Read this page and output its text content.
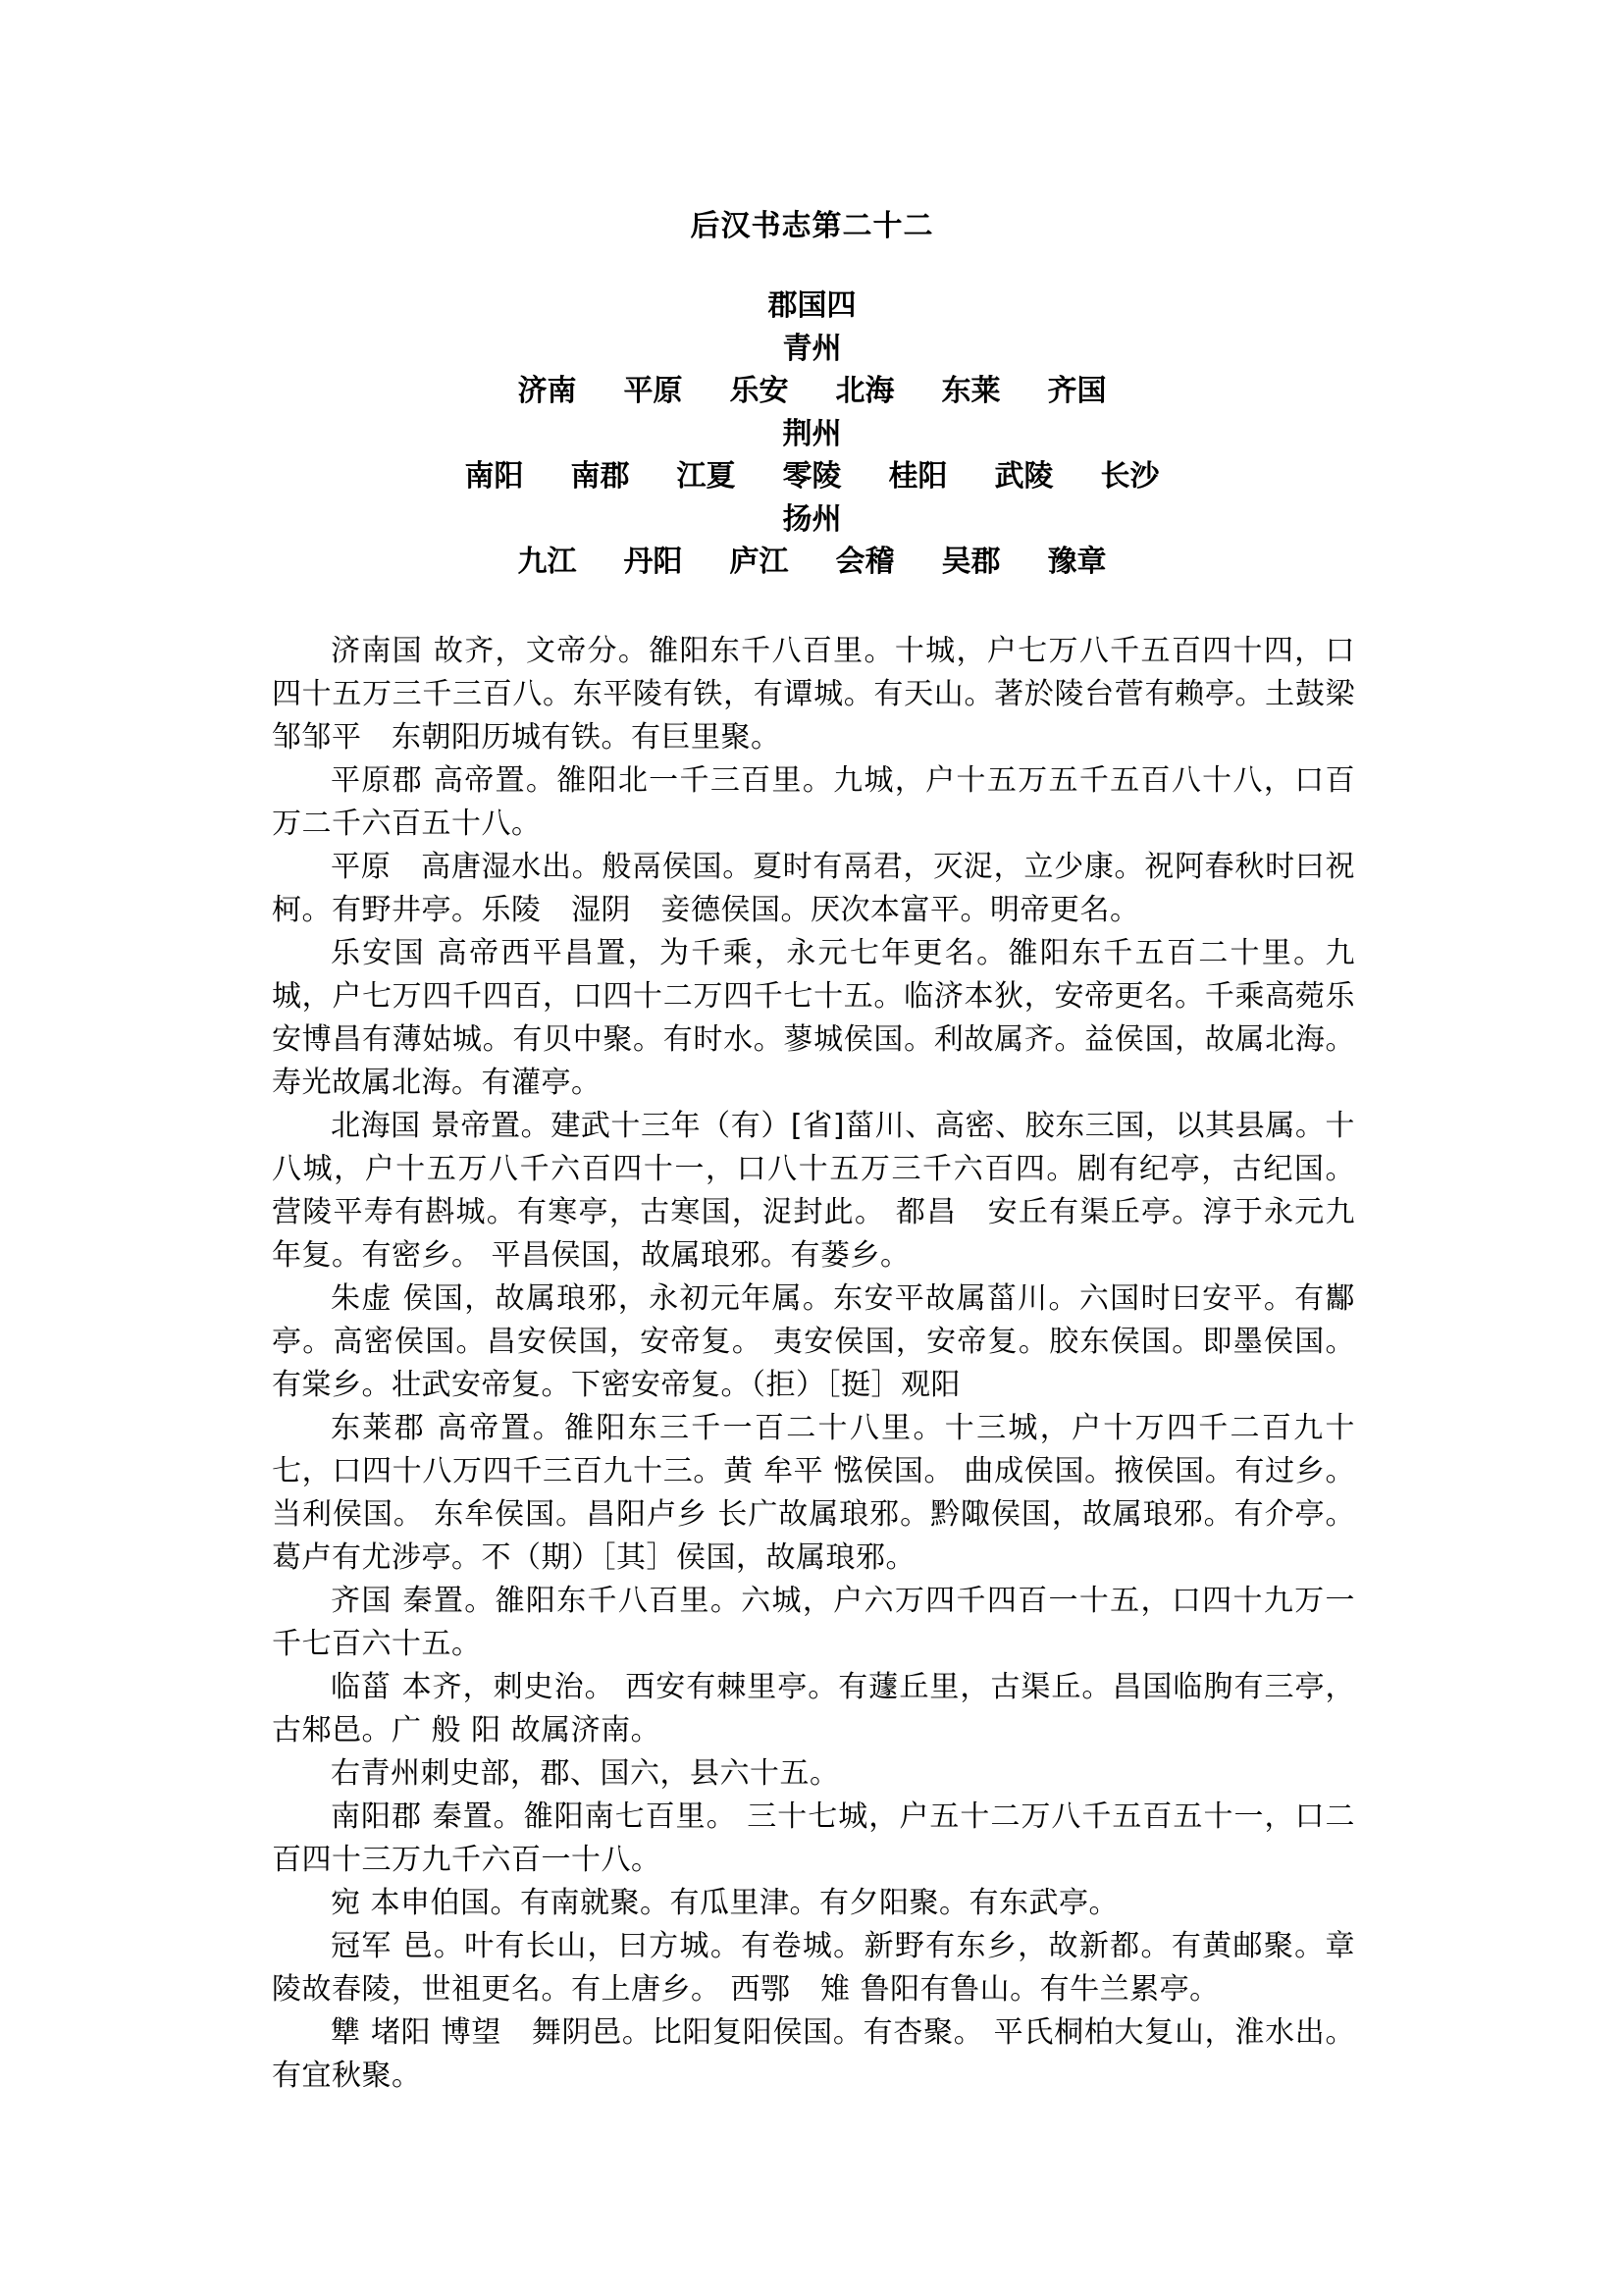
后汉书志第二十二
郡国四
青州
济南 平原 乐安 北海 东莱 齐国
荆州
南阳 南郡 江夏 零陵 桂阳 武陵 长沙
扬州
九江 丹阳 庐江 会稽 吴郡 豫章

济南国 故齐，文帝分。雒阳东千八百里。十城，户七万八千五百四十四，口四十五万三千三百八。东平陵有铁，有谭城。有天山。著於陵台菅有赖亭。土鼓梁邹邹平　东朝阳历城有铁。有巨里聚。

平原郡 高帝置。雒阳北一千三百里。九城，户十五万五千五百八十八，口百万二千六百五十八。

平原　高唐湿水出。般鬲侯国。夏时有鬲君，灭浞，立少康。祝阿春秋时曰祝柯。有野井亭。乐陵　湿阴　妾德侯国。厌次本富平。明帝更名。

乐安国 高帝西平昌置，为千乘，永元七年更名。雒阳东千五百二十里。九城，户七万四千四百，口四十二万四千七十五。临济本狄，安帝更名。千乘高菀乐安博昌有薄姑城。有贝中聚。有时水。蓼城侯国。利故属齐。益侯国，故属北海。寿光故属北海。有灌亭。

北海国 景帝置。建武十三年（有）[省]菑川、高密、胶东三国，以其县属。十八城，户十五万八千六百四十一，口八十五万三千六百四。剧有纪亭，古纪国。 营陵平寿有斟城。有寒亭，古寒国，浞封此。 都昌　安丘有渠丘亭。淳于永元九年复。有密乡。 平昌侯国，故属琅邪。有蒌乡。

朱虚 侯国，故属琅邪，永初元年属。东安平故属菑川。六国时曰安平。有酅亭。高密侯国。昌安侯国，安帝复。 夷安侯国，安帝复。胶东侯国。即墨侯国。有棠乡。壮武安帝复。下密安帝复。（拒）［挺］观阳

东莱郡 高帝置。雒阳东三千一百二十八里。十三城，户十万四千二百九十七，口四十八万四千三百九十三。黄 牟平 惤侯国。 曲成侯国。掖侯国。有过乡。当利侯国。 东牟侯国。昌阳卢乡 长广故属琅邪。黔陬侯国，故属琅邪。有介亭。 葛卢有尤涉亭。不（期）［其］侯国，故属琅邪。

齐国 秦置。雒阳东千八百里。六城，户六万四千四百一十五，口四十九万一千七百六十五。

临菑 本齐，刺史治。 西安有棘里亭。有蘧丘里，古渠丘。昌国临朐有三亭，古邾邑。广 般 阳 故属济南。

右青州刺史部，郡、国六，县六十五。

南阳郡 秦置。雒阳南七百里。 三十七城，户五十二万八千五百五十一，口二百四十三万九千六百一十八。

宛 本申伯国。有南就聚。有瓜里津。有夕阳聚。有东武亭。

冠军 邑。叶有长山，曰方城。有卷城。新野有东乡，故新都。有黄邮聚。章陵故春陵，世祖更名。有上唐乡。 西鄂　雉 鲁阳有鲁山。有牛兰累亭。

犨 堵阳 博望　舞阴邑。比阳复阳侯国。有杏聚。 平氏桐柏大复山，淮水出。有宜秋聚。
